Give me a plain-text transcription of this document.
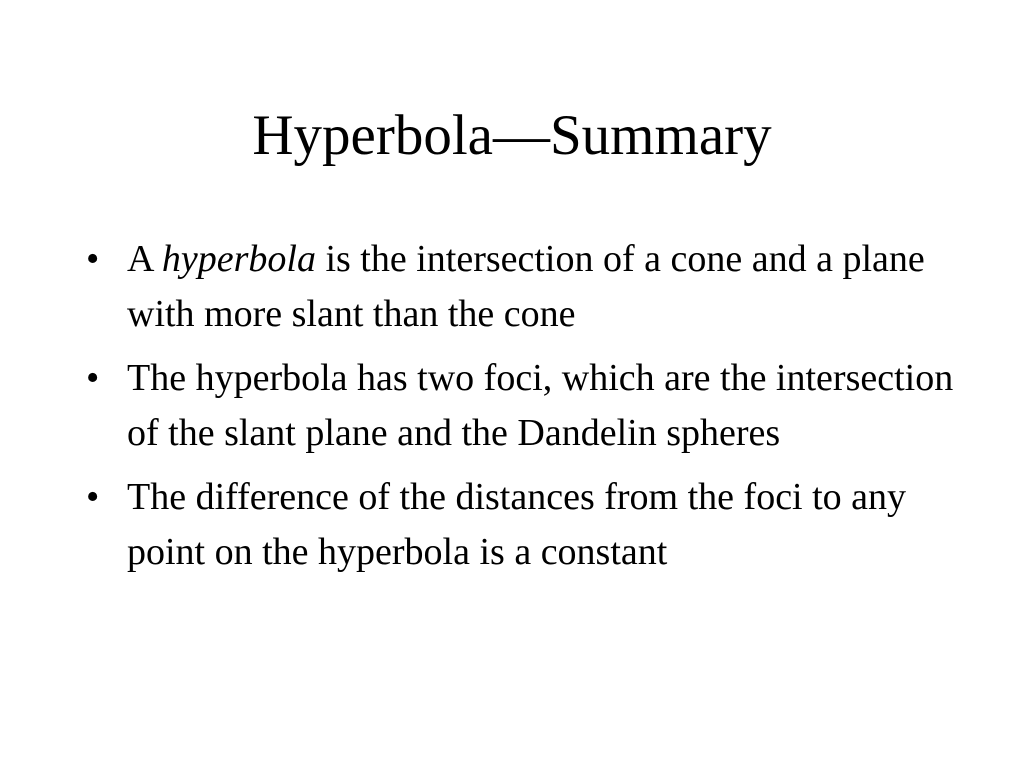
Hyperbola—Summary
• A hyperbola is the intersection of a cone and a plane with more slant than the cone
• The hyperbola has two foci, which are the intersection of the slant plane and the Dandelin spheres
• The difference of the distances from the foci to any point on the hyperbola is a constant
